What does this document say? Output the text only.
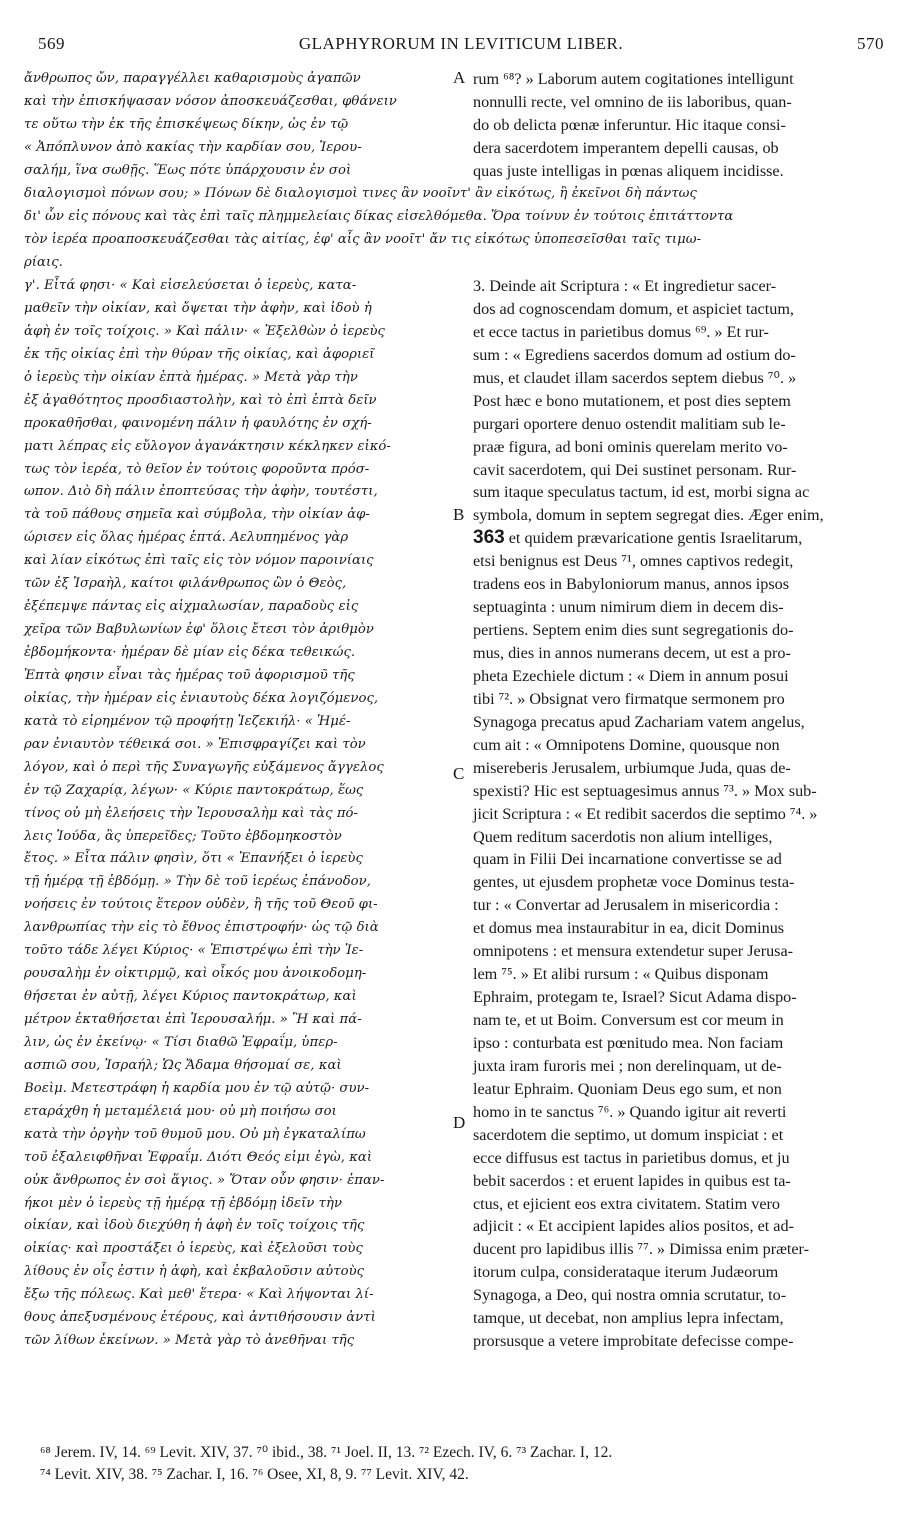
569	GLAPHYRORUM IN LEVITICUM LIBER.	570
ἄνθρωπος ὤν, παραγγέλλει καθαρισμοὺς ἀγαπῶν
καὶ τὴν ἐπισκήψασαν νόσον ἀποσκευάζεσθαι, φθάνειν
τε οὕτω τὴν ἐκ τῆς ἐπισκέψεως δίκην, ὡς ἐν τῷ
« Ἀπόπλυνον ἀπὸ κακίας τὴν καρδίαν σου, Ἱερου-
σαλήμ, ἵνα σωθῇς. Ἕως πότε ὑπάρχουσιν ἐν σοὶ
A rum ⁶⁸? » Laborum autem cogitationes intelligunt
nonnulli recte, vel omnino de iis laboribus, quan-
do ob delicta pœnæ inferuntur. Hic itaque consi-
dera sacerdotem imperantem depelli causas, ob
quas juste intelligas in pœnas aliquem incidisse.
διαλογισμοὶ πόνων σου; » Πόνων δὲ διαλογισμοὶ τινες ἂν νοοῖντ' ἂν εἰκότως, ἢ ἐκεῖνοι δὴ πάντως
δι' ὧν εἰς πόνους καὶ τὰς ἐπὶ ταῖς πλημμελείαις δίκας εἰσελθόμεθα. Ὅρα τοίνυν ἐν τούτοις ἐπιτάττοντα
τὸν ἱερέα προαποσκευάζεσθαι τὰς αἰτίας, ἐφ' αἷς ἂν νοοῖτ' ἄν τις εἰκότως ὑποπεσεῖσθαι ταῖς τιμω-
ρίαις.
γ'. Εἶτά φησι· « Καὶ εἰσελεύσεται ὁ ἱερεὺς, κατα-
μαθεῖν τὴν οἰκίαν, καὶ ὄψεται τὴν ἁφὴν, καὶ ἰδοὺ ἡ
ἁφὴ ἐν τοῖς τοίχοις. » Καὶ πάλιν· « Ἐξελθὼν ὁ ἱερεὺς
ἐκ τῆς οἰκίας ἐπὶ τὴν θύραν τῆς οἰκίας, καὶ ἀφοριεῖ
ὁ ἱερεὺς τὴν οἰκίαν ἑπτὰ ἡμέρας. » Μετὰ γὰρ τὴν
ἐξ ἀγαθότητος προσδιαστολὴν, καὶ τὸ ἐπὶ ἑπτὰ δεῖν
προκαθῆσθαι, φαινομένη πάλιν ἡ φαυλότης ἐν σχή-
ματι λέπρας εἰς εὔλογον ἀγανάκτησιν κέκληκεν εἰκό-
τως τὸν ἱερέα, τὸ θεῖον ἐν τούτοις φοροῦντα πρόσ-
ωπον. Διὸ δὴ πάλιν ἐποπτεύσας τὴν ἁφὴν, τουτέστι,
τὰ τοῦ πάθους σημεῖα καὶ σύμβολα, τὴν οἰκίαν ἀφ-
ώρισεν εἰς ὅλας ἡμέρας ἑπτά. Αελυπημένος γὰρ
καὶ λίαν εἰκότως ἐπὶ ταῖς εἰς τὸν νόμον παροινίαις
τῶν ἐξ Ἰσραὴλ, καίτοι φιλάνθρωπος ὢν ὁ Θεὸς,
ἐξέπεμψε πάντας εἰς αἰχμαλωσίαν, παραδοὺς εἰς
χεῖρα τῶν Βαβυλωνίων ἐφ' ὅλοις ἔτεσι τὸν ἀριθμὸν
ἑβδομήκοντα· ἡμέραν δὲ μίαν εἰς δέκα τεθεικώς.
Ἑπτὰ φησιν εἶναι τὰς ἡμέρας τοῦ ἀφορισμοῦ τῆς
οἰκίας, τὴν ἡμέραν εἰς ἐνιαυτοὺς δέκα λογιζόμενος,
κατὰ τὸ εἰρημένον τῷ προφήτῃ Ἰεζεκιήλ· « Ἡμέ-
ραν ἐνιαυτὸν τέθεικά σοι. » Ἐπισφραγίζει καὶ τὸν
λόγον, καὶ ὁ περὶ τῆς Συναγωγῆς εὐξάμενος ἄγγελος
ἐν τῷ Ζαχαρίᾳ, λέγων· « Κύριε παντοκράτωρ, ἕως
τίνος οὐ μὴ ἐλεήσεις τὴν Ἱερουσαλὴμ καὶ τὰς πό-
λεις Ἰούδα, ἃς ὑπερεῖδες; Τοῦτο ἑβδομηκοστὸν
ἔτος. » Εἶτα πάλιν φησὶν, ὅτι « Ἐπανήξει ὁ ἱερεὺς
τῇ ἡμέρᾳ τῇ ἑβδόμῃ. » Τὴν δὲ τοῦ ἱερέως ἐπάνοδον,
νοήσεις ἐν τούτοις ἕτερον οὐδὲν, ἢ τῆς τοῦ Θεοῦ φι-
λανθρωπίας τὴν εἰς τὸ ἔθνος ἐπιστροφήν· ὡς τῷ διὰ
τοῦτο τάδε λέγει Κύριος· « Ἐπιστρέψω ἐπὶ τὴν Ἱε-
ρουσαλὴμ ἐν οἰκτιρμῷ, καὶ οἶκός μου ἀνοικοδομη-
θήσεται ἐν αὐτῇ, λέγει Κύριος παντοκράτωρ, καὶ
μέτρον ἐκταθήσεται ἐπὶ Ἱερουσαλήμ. » Ἢ καὶ πά-
λιν, ὡς ἐν ἑκείνῳ· « Τίσι διαθῶ Ἐφραΐμ, ὑπερ-
ασπιῶ σου, Ἰσραήλ; Ὡς Ἄδαμα θήσομαί σε, καὶ
Βοεὶμ. Μετεστράφη ἡ καρδία μου ἐν τῷ αὐτῷ· συν-
εταράχθη ἡ μεταμέλειά μου· οὐ μὴ ποιήσω σοι
κατὰ τὴν ὀργὴν τοῦ θυμοῦ μου. Οὐ μὴ ἐγκαταλίπω
τοῦ ἐξαλειφθῆναι Ἐφραΐμ. Διότι Θεός εἰμι ἐγὼ, καὶ
οὐκ ἄνθρωπος ἐν σοὶ ἅγιος. » Ὅταν οὖν φησιν· ἐπαν-
ήκοι μὲν ὁ ἱερεὺς τῇ ἡμέρᾳ τῇ ἑβδόμῃ ἰδεῖν τὴν
οἰκίαν, καὶ ἰδοὺ διεχύθη ἡ ἁφὴ ἐν τοῖς τοίχοις τῆς
οἰκίας· καὶ προστάξει ὁ ἱερεὺς, καὶ ἐξελοῦσι τοὺς
λίθους ἐν οἷς ἐστιν ἡ ἁφὴ, καὶ ἐκβαλοῦσιν αὐτοὺς
ἔξω τῆς πόλεως. Καὶ μεθ' ἕτερα· « Καὶ λήψονται λί-
θους ἀπεξυσμένους ἑτέρους, καὶ ἀντιθήσουσιν ἀντὶ
τῶν λίθων ἐκείνων. » Μετὰ γὰρ τὸ ἀνεθῆναι τῆς
3. Deinde ait Scriptura : « Et ingredietur sacer-
dos ad cognoscendam domum, et aspiciet tactum,
et ecce tactus in parietibus domus ⁶⁹. » Et rur-
sum : « Egrediens sacerdos domum ad ostium do-
mus, et claudet illam sacerdos septem diebus ⁷⁰. »
Post hæc e bono mutationem, et post dies septem
purgari oportere denuo ostendit malitiam sub le-
praæ figura, ad boni ominis querelam merito vo-
cavit sacerdotem, qui Dei sustinet personam. Rur-
sum itaque speculatus tactum, id est, morbi signa ac
symbola, domum in septem segregat dies. Æger enim,
363 et quidem prævaricatione gentis Israelitarum,
etsi benignus est Deus ⁷¹, omnes captivos redegit,
tradens eos in Babyloniorum manus, annos ipsos
septuaginta : unum nimirum diem in decem dis-
pertiens. Septem enim dies sunt segregationis do-
mus, dies in annos numerans decem, ut est a pro-
pheta Ezechiele dictum : « Diem in annum posui
tibi ⁷². » Obsignat vero firmatque sermonem pro
Synagoga precatus apud Zachariam vatem angelus,
cum ait : « Omnipotens Domine, quousque non
misereberis Jerusalem, urbiumque Juda, quas de-
spexisti? Hic est septuagesimus annus ⁷³. » Mox sub-
jicit Scriptura : « Et redibit sacerdos die septimo ⁷⁴. »
Quem reditum sacerdotis non alium intelliges,
quam in Filii Dei incarnatione convertisse se ad
gentes, ut ejusdem prophetæ voce Dominus testa-
tur : « Convertar ad Jerusalem in misericordia :
et domus mea instaurabitur in ea, dicit Dominus
omnipotens : et mensura extendetur super Jerusa-
lem ⁷⁵. » Et alibi rursum : « Quibus disponam
Ephraim, protegam te, Israel? Sicut Adama dispo-
nam te, et ut Boim. Conversum est cor meum in
ipso : conturbata est pœnitudo mea. Non faciam
juxta iram furoris mei ; non derelinquam, ut de-
leatur Ephraim. Quoniam Deus ego sum, et non
homo in te sanctus ⁷⁶. » Quando igitur ait reverti
sacerdotem die septimo, ut domum inspiciat : et
ecce diffusus est tactus in parietibus domus, et ju
bebit sacerdos : et eruent lapides in quibus est ta-
ctus, et ejicient eos extra civitatem. Statim vero
adjicit : « Et accipient lapides alios positos, et ad-
ducent pro lapidibus illis ⁷⁷. » Dimissa enim præter-
itorum culpa, considerataque iterum Judæorum
Synagoga, a Deo, qui nostra omnia scrutatur, to-
tamque, ut decebat, non amplius lepra infectam,
prorsusque a vetere improbitate defecisse compe-
B
C
D
⁶⁸ Jerem. IV, 14. ⁶⁹ Levit. XIV, 37. ⁷⁰ ibid., 38. ⁷¹ Joel. II, 13. ⁷² Ezech. IV, 6. ⁷³ Zachar. I, 12.
⁷⁴ Levit. XIV, 38. ⁷⁵ Zachar. I, 16. ⁷⁶ Osee, XI, 8, 9. ⁷⁷ Levit. XIV, 42.
